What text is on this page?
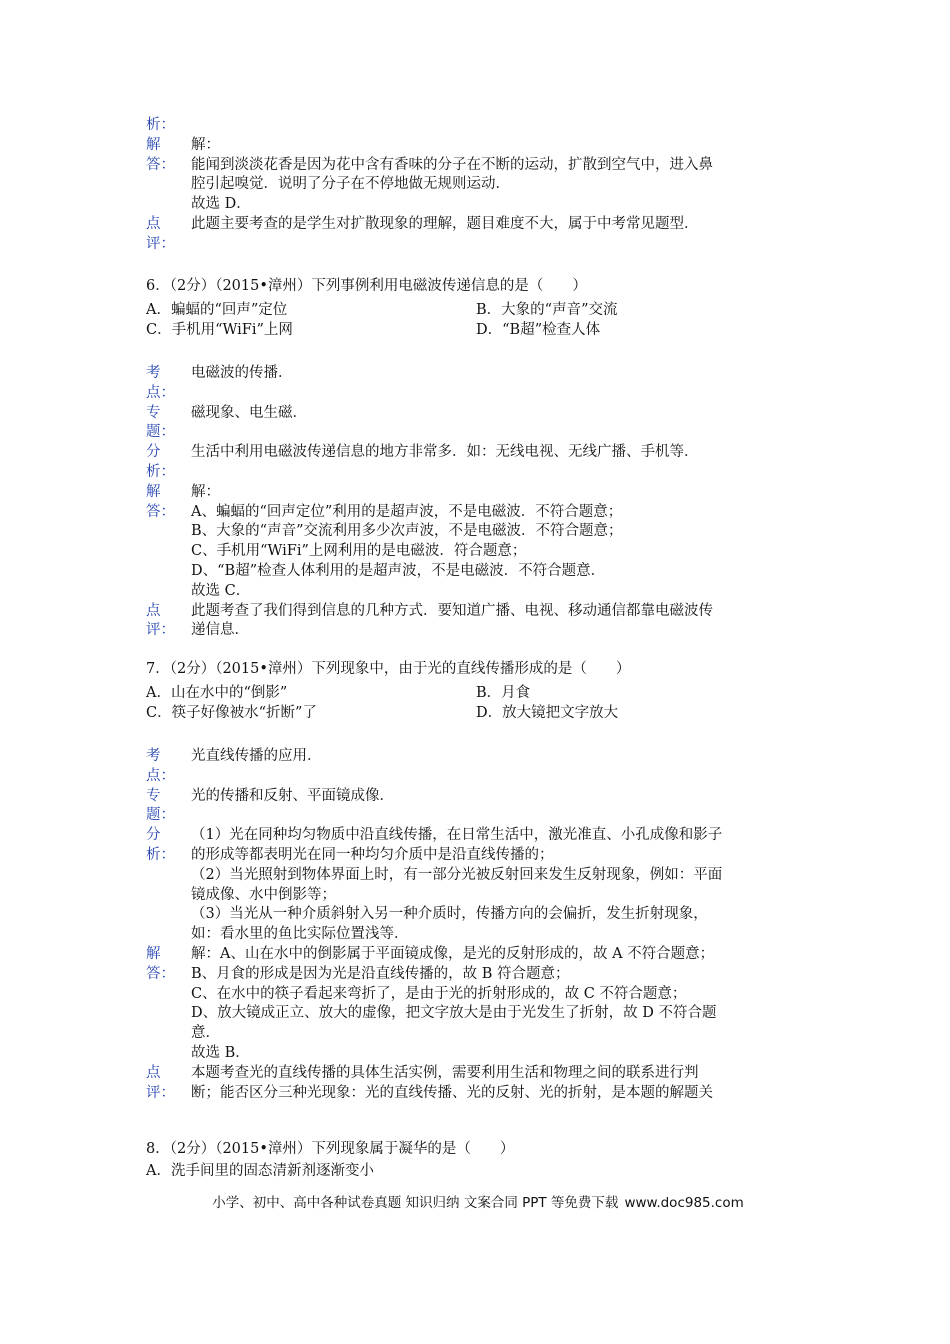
析：
解	解：
答：	能闻到淡淡花香是因为花中含有香味的分子在不断的运动，扩散到空气中，进入鼻
腔引起嗅觉．说明了分子在不停地做无规则运动．
故选 D．
点	此题主要考查的是学生对扩散现象的理解，题目难度不大，属于中考常见题型．
评：
6．（2分）（2015•漳州）下列事例利用电磁波传递信息的是（　　）
A．蝙蝠的“回声”定位	B．大象的“声音”交流
C．手机用“WiFi”上网	D．“B超”检查人体
考	电磁波的传播．
点：
专	磁现象、电生磁．
题：
分	生活中利用电磁波传递信息的地方非常多．如：无线电视、无线广播、手机等．
析：
解	解：
答：	A、蝙蝠的“回声定位”利用的是超声波，不是电磁波．不符合题意；
B、大象的“声音”交流利用多少次声波，不是电磁波．不符合题意；
C、手机用“WiFi”上网利用的是电磁波．符合题意；
D、“B超”检查人体利用的是超声波，不是电磁波．不符合题意．
故选 C．
点	此题考查了我们得到信息的几种方式．要知道广播、电视、移动通信都靠电磁波传
评：	递信息．
7．（2分）（2015•漳州）下列现象中，由于光的直线传播形成的是（　　）
A．山在水中的“倒影”	B．月食
C．筷子好像被水“折断”了	D．放大镜把文字放大
考	光直线传播的应用．
点：
专	光的传播和反射、平面镜成像．
题：
分	（1）光在同种均匀物质中沿直线传播，在日常生活中，激光准直、小孔成像和影子
析：	的形成等都表明光在同一种均匀介质中是沿直线传播的；
（2）当光照射到物体界面上时，有一部分光被反射回来发生反射现象，例如：平面
镜成像、水中倒影等；
（3）当光从一种介质斜射入另一种介质时，传播方向的会偏折，发生折射现象，
如：看水里的鱼比实际位置浅等．
解	解：A、山在水中的倒影属于平面镜成像，是光的反射形成的，故 A 不符合题意；
答：	B、月食的形成是因为光是沿直线传播的，故 B 符合题意；
C、在水中的筷子看起来弯折了，是由于光的折射形成的，故 C 不符合题意；
D、放大镜成正立、放大的虚像，把文字放大是由于光发生了折射，故 D 不符合题
意．
故选 B．
点	本题考查光的直线传播的具体生活实例，需要利用生活和物理之间的联系进行判
评：	断；能否区分三种光现象：光的直线传播、光的反射、光的折射，是本题的解题关
8．（2分）（2015•漳州）下列现象属于凝华的是（　　）
A．洗手间里的固态清新剂逐渐变小
小学、初中、高中各种试卷真题 知识归纳 文案合同 PPT 等免费下载 www.doc985.com
